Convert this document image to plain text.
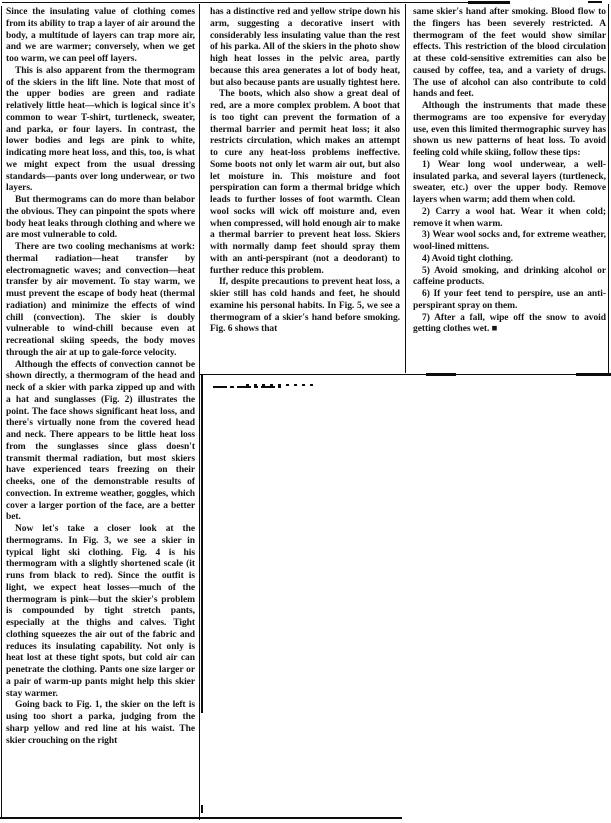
Since the insulating value of clothing comes from its ability to trap a layer of air around the body, a multitude of layers can trap more air, and we are warmer; conversely, when we get too warm, we can peel off layers.

This is also apparent from the thermogram of the skiers in the lift line. Note that most of the upper bodies are green and radiate relatively little heat—which is logical since it's common to wear T-shirt, turtleneck, sweater, and parka, or four layers. In contrast, the lower bodies and legs are pink to white, indicating more heat loss, and this, too, is what we might expect from the usual dressing standards—pants over long underwear, or two layers.

But thermograms can do more than belabor the obvious. They can pinpoint the spots where body heat leaks through clothing and where we are most vulnerable to cold.

There are two cooling mechanisms at work: thermal radiation—heat transfer by electromagnetic waves; and convection—heat transfer by air movement. To stay warm, we must prevent the escape of body heat (thermal radiation) and minimize the effects of wind chill (convection). The skier is doubly vulnerable to wind-chill because even at recreational skiing speeds, the body moves through the air at up to gale-force velocity.

Although the effects of convection cannot be shown directly, a thermogram of the head and neck of a skier with parka zipped up and with a hat and sunglasses (Fig. 2) illustrates the point. The face shows significant heat loss, and there's virtually none from the covered head and neck. There appears to be little heat loss from the sunglasses since glass doesn't transmit thermal radiation, but most skiers have experienced tears freezing on their cheeks, one of the demonstrable results of convection. In extreme weather, goggles, which cover a larger portion of the face, are a better bet.

Now let's take a closer look at the thermograms. In Fig. 3, we see a skier in typical light ski clothing. Fig. 4 is his thermogram with a slightly shortened scale (it runs from black to red). Since the outfit is light, we expect heat losses—much of the thermogram is pink—but the skier's problem is compounded by tight stretch pants, especially at the thighs and calves. Tight clothing squeezes the air out of the fabric and reduces its insulating capability. Not only is heat lost at these tight spots, but cold air can penetrate the clothing. Pants one size larger or a pair of warm-up pants might help this skier stay warmer.

Going back to Fig. 1, the skier on the left is using too short a parka, judging from the sharp yellow and red line at his waist. The skier crouching on the right

has a distinctive red and yellow stripe down his arm, suggesting a decorative insert with considerably less insulating value than the rest of his parka. All of the skiers in the photo show high heat losses in the pelvic area, partly because this area generates a lot of body heat, but also because pants are usually tightest here.

The boots, which also show a great deal of red, are a more complex problem. A boot that is too tight can prevent the formation of a thermal barrier and permit heat loss; it also restricts circulation, which makes an attempt to cure any heat-loss problems ineffective. Some boots not only let warm air out, but also let moisture in. This moisture and foot perspiration can form a thermal bridge which leads to further losses of foot warmth. Clean wool socks will wick off moisture and, even when compressed, will hold enough air to make a thermal barrier to prevent heat loss. Skiers with normally damp feet should spray them with an anti-perspirant (not a deodorant) to further reduce this problem.

If, despite precautions to prevent heat loss, a skier still has cold hands and feet, he should examine his personal habits. In Fig. 5, we see a thermogram of a skier's hand before smoking. Fig. 6 shows that

same skier's hand after smoking. Blood flow to the fingers has been severely restricted. A thermogram of the feet would show similar effects. This restriction of the blood circulation at these cold-sensitive extremities can also be caused by coffee, tea, and a variety of drugs. The use of alcohol can also contribute to cold hands and feet.

Although the instruments that made these thermograms are too expensive for everyday use, even this limited thermographic survey has shown us new patterns of heat loss. To avoid feeling cold while skiing, follow these tips:

1) Wear long wool underwear, a well-insulated parka, and several layers (turtleneck, sweater, etc.) over the upper body. Remove layers when warm; add them when cold.

2) Carry a wool hat. Wear it when cold; remove it when warm.

3) Wear wool socks and, for extreme weather, wool-lined mittens.

4) Avoid tight clothing.

5) Avoid smoking, and drinking alcohol or caffeine products.

6) If your feet tend to perspire, use an anti-perspirant spray on them.

7) After a fall, wipe off the snow to avoid getting clothes wet. ■
